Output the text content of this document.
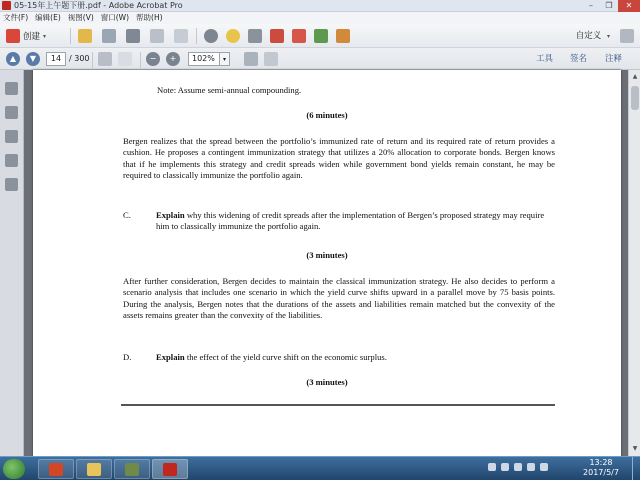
05-15年上午题下册.pdf - Adobe Acrobat Pro	–	❐	✕
文件(F) 编辑(E) 视图(V) 窗口(W) 帮助(H)
创建 ▾	自定义 ▾
▲	▼	14 / 300	−	+	102%	▾	工具 签名 注释
Note: Assume semi-annual compounding.
(6 minutes)
Bergen realizes that the spread between the portfolio’s immunized rate of return and its required rate of return provides a cushion. He proposes a contingent immunization strategy that utilizes a 20% allocation to corporate bonds. Bergen knows that if he implements this strategy and credit spreads widen while government bond yields remain constant, he may be required to classically immunize the portfolio again.
C.	Explain why this widening of credit spreads after the implementation of Bergen’s proposed strategy may require him to classically immunize the portfolio again.
(3 minutes)
After further consideration, Bergen decides to maintain the classical immunization strategy. He also decides to perform a scenario analysis that includes one scenario in which the yield curve shifts upward in a parallel move by 75 basis points. During the analysis, Bergen notes that the durations of the assets and liabilities remain matched but the convexity of the assets remains greater than the convexity of the liabilities.
D.	Explain the effect of the yield curve shift on the economic surplus.
(3 minutes)
▲
▼
13:28
2017/5/7
